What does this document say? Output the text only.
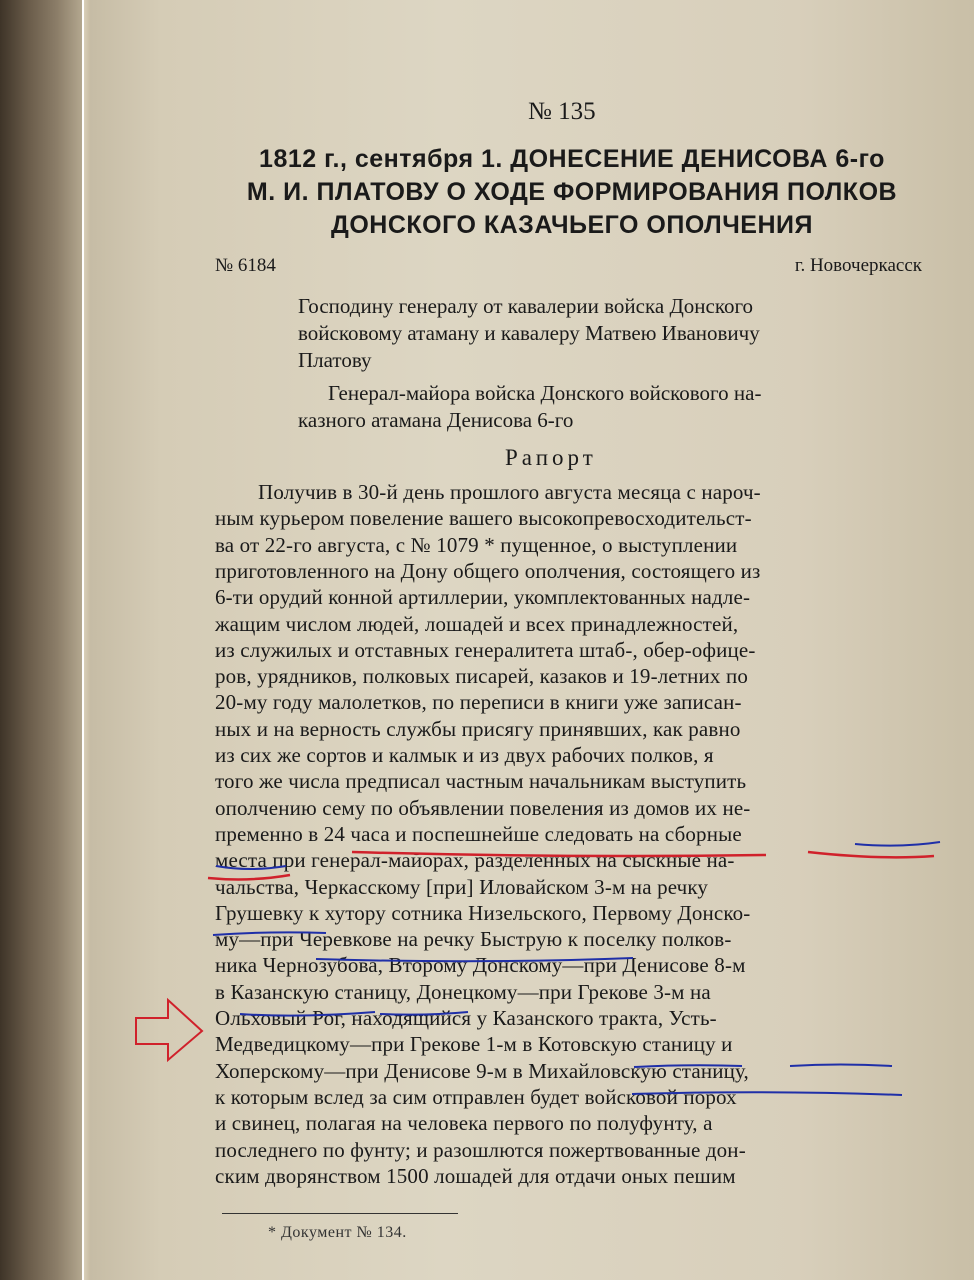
№ 135
1812 г., сентября 1. ДОНЕСЕНИЕ ДЕНИСОВА 6-го
М. И. ПЛАТОВУ О ХОДЕ ФОРМИРОВАНИЯ ПОЛКОВ
ДОНСКОГО КАЗАЧЬЕГО ОПОЛЧЕНИЯ
№ 6184	г. Новочеркасск
Господину генералу от кавалерии войска Донского
войсковому атаману и кавалеру Матвею Ивановичу
Платову
Генерал-майора войска Донского войскового на-
казного атамана Денисова 6-го
Рапорт
Получив в 30-й день прошлого августа месяца с нароч-
ным курьером повеление вашего высокопревосходительст-
ва от 22-го августа, с № 1079 * пущенное, о выступлении
приготовленного на Дону общего ополчения, состоящего из
6-ти орудий конной артиллерии, укомплектованных надле-
жащим числом людей, лошадей и всех принадлежностей,
из служилых и отставных генералитета штаб-, обер-офице-
ров, урядников, полковых писарей, казаков и 19-летних по
20-му году малолетков, по переписи в книги уже записан-
ных и на верность службы присягу принявших, как равно
из сих же сортов и калмык и из двух рабочих полков, я
того же числа предписал частным начальникам выступить
ополчению сему по объявлении повеления из домов их не-
пременно в 24 часа и поспешнейше следовать на сборные
места при генерал-майорах, разделенных на сыскные на-
чальства, Черкасскому [при] Иловайском 3-м на речку
Грушевку к хутору сотника Низельского, Первому Донско-
му—при Черевкове на речку Быструю к поселку полков-
ника Чернозубова, Второму Донскому—при Денисове 8-м
в Казанскую станицу, Донецкому—при Грекове 3-м на
Ольховый Рог, находящийся у Казанского тракта, Усть-
Медведицкому—при Грекове 1-м в Котовскую станицу и
Хоперскому—при Денисове 9-м в Михайловскую станицу,
к которым вслед за сим отправлен будет войсковой порох
и свинец, полагая на человека первого по полуфунту, а
последнего по фунту; и разошлются пожертвованные дон-
ским дворянством 1500 лошадей для отдачи оных пешим
* Документ № 134.
